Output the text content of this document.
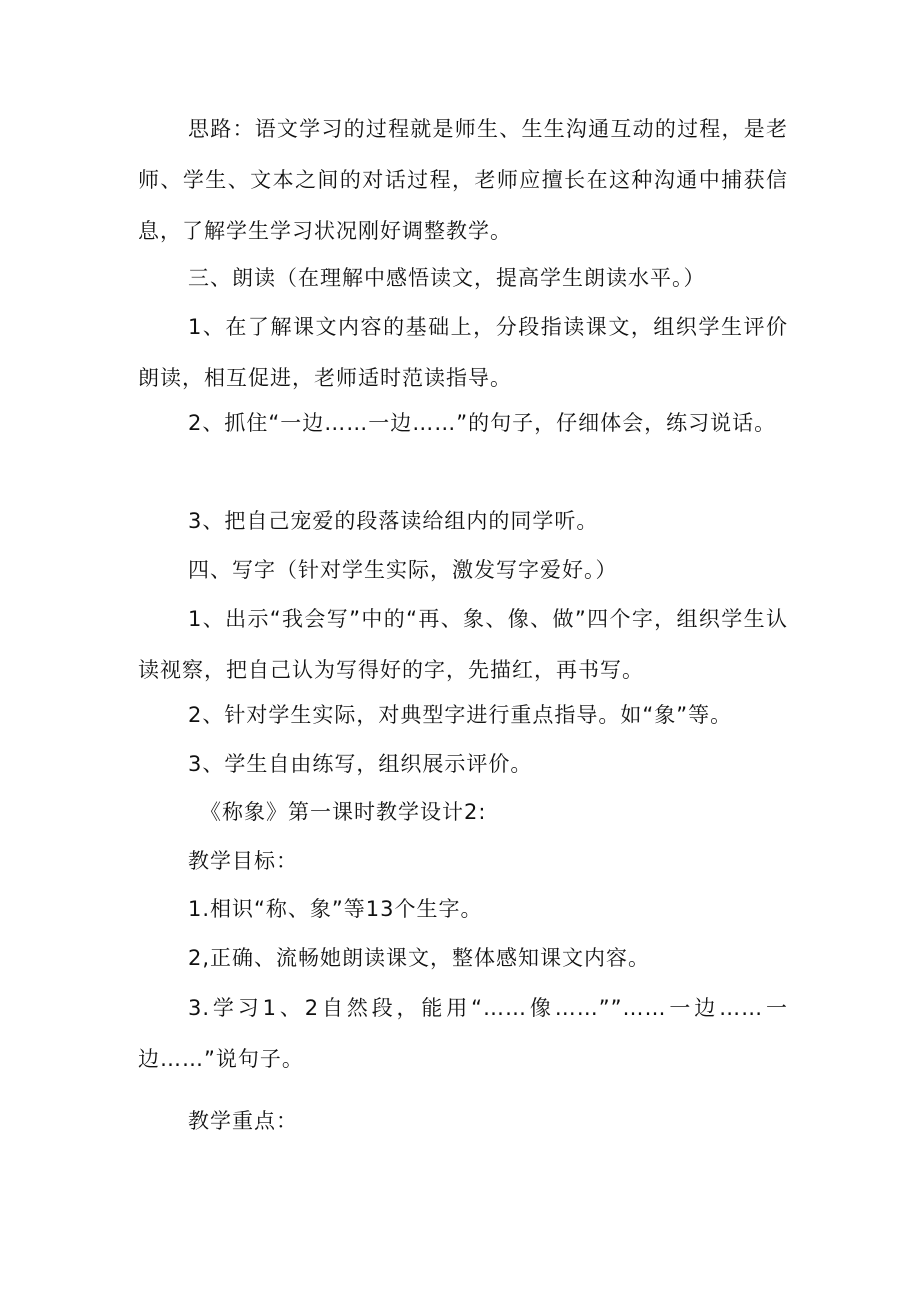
思路：语文学习的过程就是师生、生生沟通互动的过程，是老师、学生、文本之间的对话过程，老师应擅长在这种沟通中捕获信息，了解学生学习状况刚好调整教学。

三、朗读（在理解中感悟读文，提高学生朗读水平。）

1、在了解课文内容的基础上，分段指读课文，组织学生评价朗读，相互促进，老师适时范读指导。

2、抓住“一边……一边……”的句子，仔细体会，练习说话。

3、把自己宠爱的段落读给组内的同学听。

四、写字（针对学生实际，激发写字爱好。）

1、出示“我会写”中的“再、象、像、做”四个字，组织学生认读视察，把自己认为写得好的字，先描红，再书写。

2、针对学生实际，对典型字进行重点指导。如“象”等。

3、学生自由练写，组织展示评价。

《称象》第一课时教学设计2:

教学目标：

1.相识“称、象”等13个生字。

2,正确、流畅她朗读课文，整体感知课文内容。

3.学习1、2自然段，能用“……像……””……一边……一边……”说句子。

教学重点：
